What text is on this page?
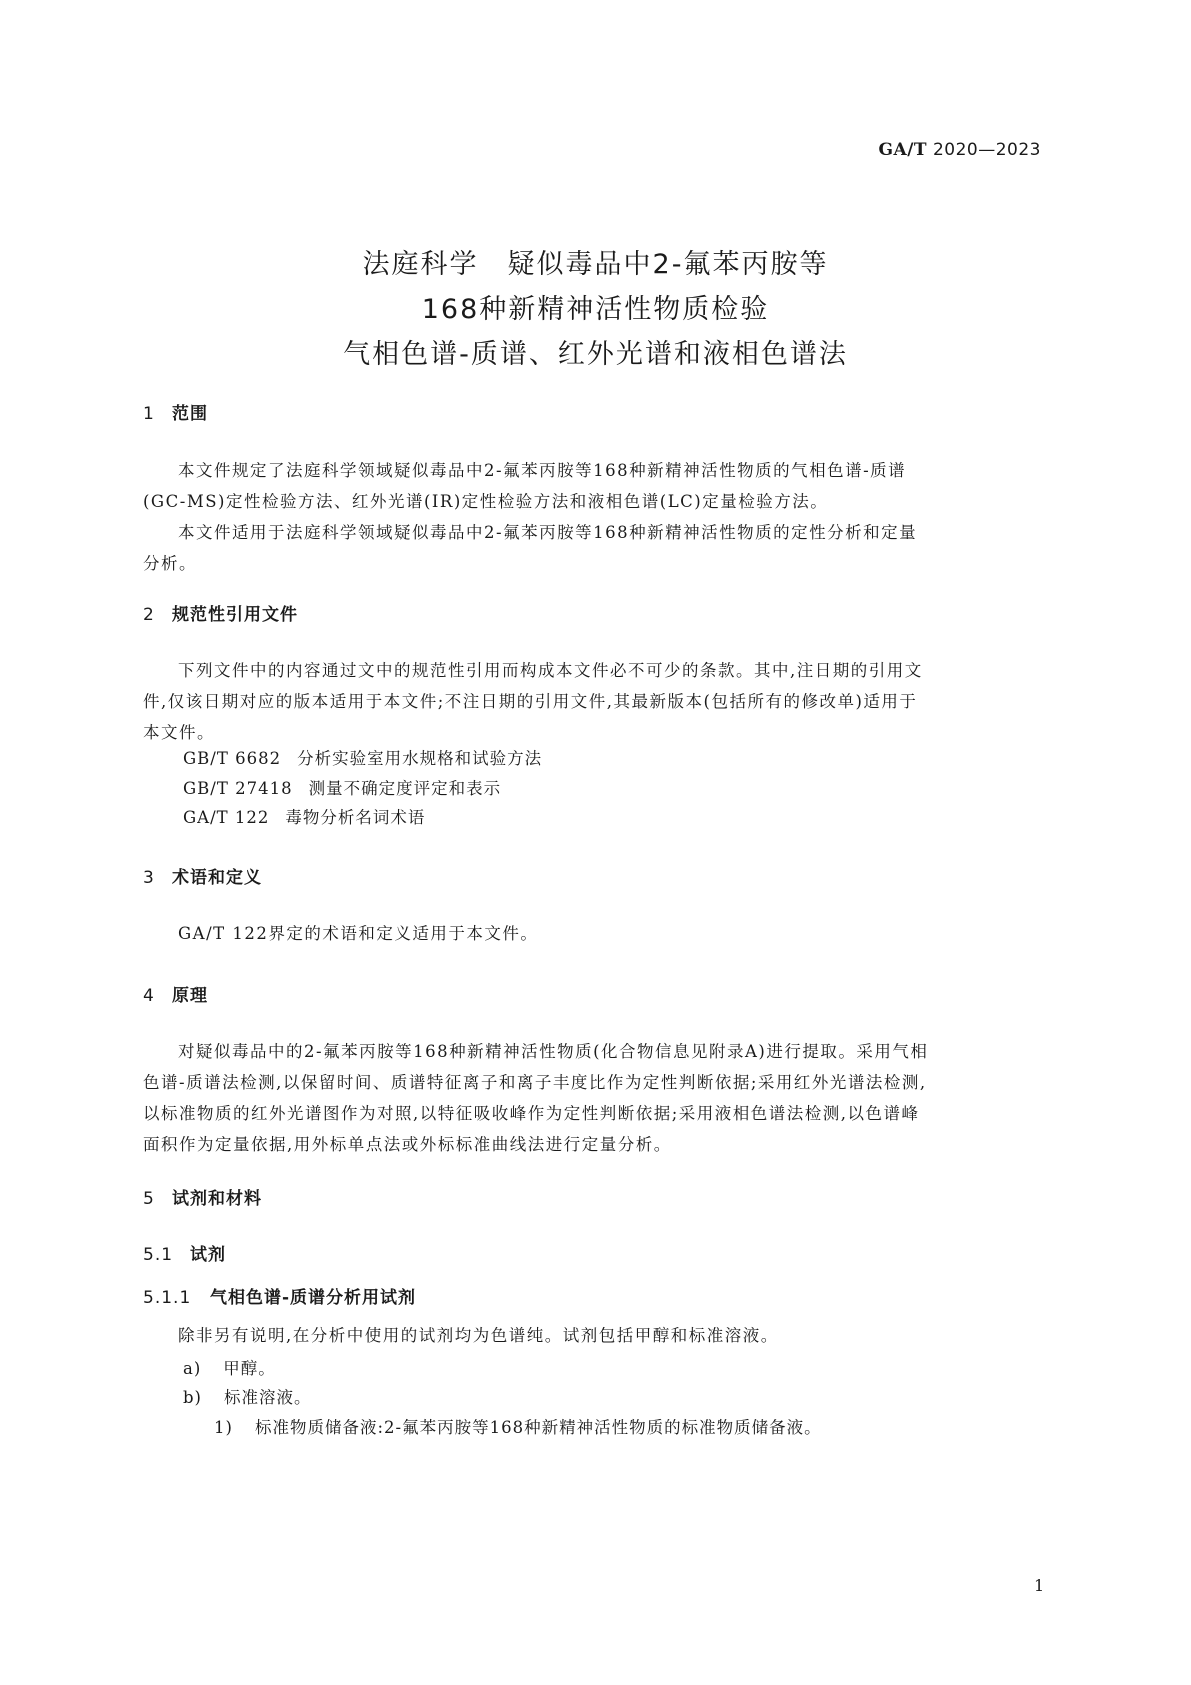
GA/T 2020—2023
法庭科学　疑似毒品中2-氟苯丙胺等
168种新精神活性物质检验
气相色谱-质谱、红外光谱和液相色谱法
1 范围
本文件规定了法庭科学领域疑似毒品中2-氟苯丙胺等168种新精神活性物质的气相色谱-质谱
(GC-MS)定性检验方法、红外光谱(IR)定性检验方法和液相色谱(LC)定量检验方法。
本文件适用于法庭科学领域疑似毒品中2-氟苯丙胺等168种新精神活性物质的定性分析和定量
分析。
2 规范性引用文件
下列文件中的内容通过文中的规范性引用而构成本文件必不可少的条款。其中,注日期的引用文
件,仅该日期对应的版本适用于本文件;不注日期的引用文件,其最新版本(包括所有的修改单)适用于
本文件。
GB/T 6682 分析实验室用水规格和试验方法
GB/T 27418 测量不确定度评定和表示
GA/T 122 毒物分析名词术语
3 术语和定义
GA/T 122界定的术语和定义适用于本文件。
4 原理
对疑似毒品中的2-氟苯丙胺等168种新精神活性物质(化合物信息见附录A)进行提取。采用气相
色谱-质谱法检测,以保留时间、质谱特征离子和离子丰度比作为定性判断依据;采用红外光谱法检测,
以标准物质的红外光谱图作为对照,以特征吸收峰作为定性判断依据;采用液相色谱法检测,以色谱峰
面积作为定量依据,用外标单点法或外标标准曲线法进行定量分析。
5 试剂和材料
5.1 试剂
5.1.1 气相色谱-质谱分析用试剂
除非另有说明,在分析中使用的试剂均为色谱纯。试剂包括甲醇和标准溶液。
a) 甲醇。
b) 标准溶液。
1) 标准物质储备液:2-氟苯丙胺等168种新精神活性物质的标准物质储备液。
1
